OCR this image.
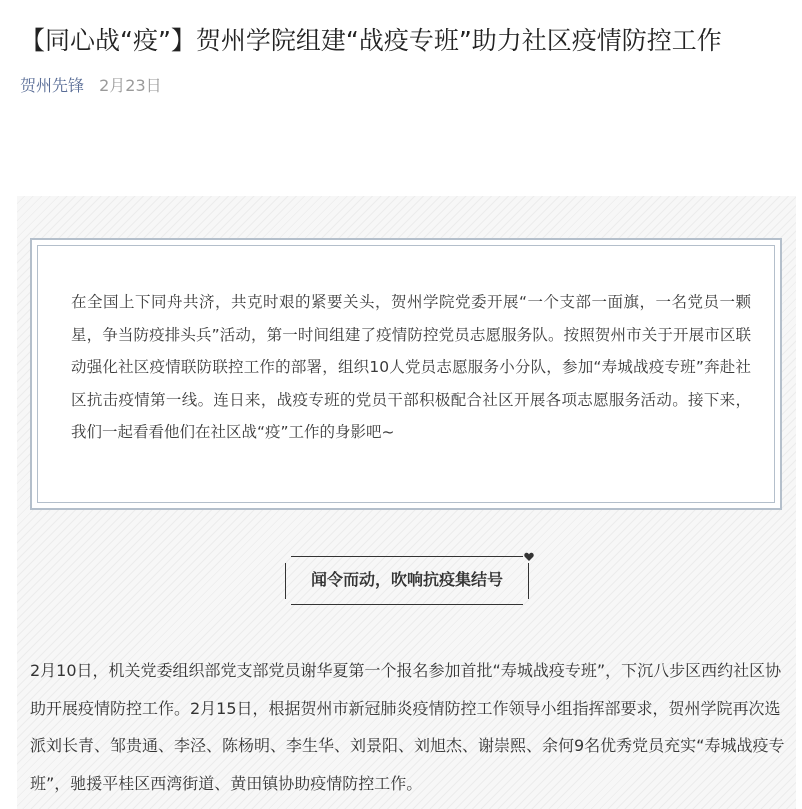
【同心战“疫”】贺州学院组建“战疫专班”助力社区疫情防控工作
贺州先锋 2月23日

在全国上下同舟共济，共克时艰的紧要关头，贺州学院党委开展“一个支部一面旗，一名党员一颗星，争当防疫排头兵”活动，第一时间组建了疫情防控党员志愿服务队。按照贺州市关于开展市区联动强化社区疫情联防联控工作的部署，组织10人党员志愿服务小分队，参加“寿城战疫专班”奔赴社区抗击疫情第一线。连日来，战疫专班的党员干部积极配合社区开展各项志愿服务活动。接下来，我们一起看看他们在社区战“疫”工作的身影吧~

闻令而动，吹响抗疫集结号

2月10日，机关党委组织部党支部党员谢华夏第一个报名参加首批“寿城战疫专班”，下沉八步区西约社区协助开展疫情防控工作。2月15日，根据贺州市新冠肺炎疫情防控工作领导小组指挥部要求，贺州学院再次选派刘长青、邹贵通、李泾、陈杨明、李生华、刘景阳、刘旭杰、谢崇熙、余何9名优秀党员充实“寿城战疫专班”，驰援平桂区西湾街道、黄田镇协助疫情防控工作。
